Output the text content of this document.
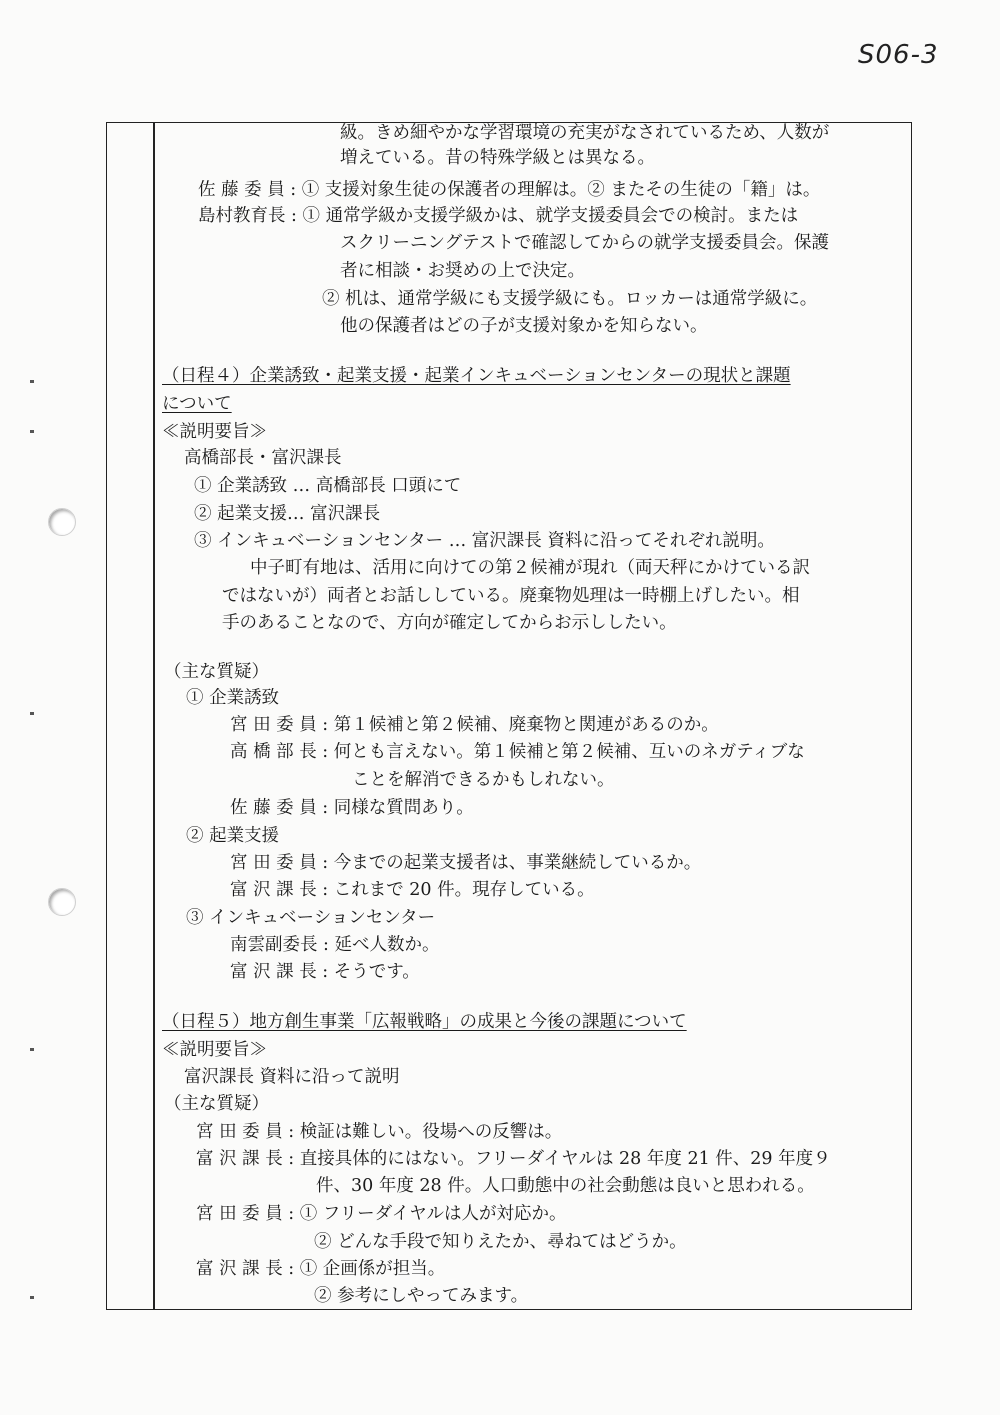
S06-3
級。きめ細やかな学習環境の充実がなされているため、人数が
増えている。昔の特殊学級とは異なる。
佐 藤 委 員 : ① 支援対象生徒の保護者の理解は。② またその生徒の「籍」は。
島村教育長 : ① 通常学級か支援学級かは、就学支援委員会での検討。または
スクリーニングテストで確認してからの就学支援委員会。保護
者に相談・お奨めの上で決定。
② 机は、通常学級にも支援学級にも。ロッカーは通常学級に。
他の保護者はどの子が支援対象かを知らない。
（日程４）企業誘致・起業支援・起業インキュベーションセンターの現状と課題
について
≪説明要旨≫
高橋部長・富沢課長
① 企業誘致 … 高橋部長 口頭にて
② 起業支援… 富沢課長
③ インキュベーションセンター … 富沢課長 資料に沿ってそれぞれ説明。
中子町有地は、活用に向けての第２候補が現れ（両天秤にかけている訳
ではないが）両者とお話ししている。廃棄物処理は一時棚上げしたい。相
手のあることなので、方向が確定してからお示ししたい。
（主な質疑）
① 企業誘致
宮 田 委 員 : 第１候補と第２候補、廃棄物と関連があるのか。
高 橋 部 長 : 何とも言えない。第１候補と第２候補、互いのネガティブな
ことを解消できるかもしれない。
佐 藤 委 員 : 同様な質問あり。
② 起業支援
宮 田 委 員 : 今までの起業支援者は、事業継続しているか。
富 沢 課 長 : これまで 20 件。現存している。
③ インキュベーションセンター
南雲副委長 : 延べ人数か。
富 沢 課 長 : そうです。
（日程５）地方創生事業「広報戦略」の成果と今後の課題について
≪説明要旨≫
富沢課長 資料に沿って説明
（主な質疑）
宮 田 委 員 : 検証は難しい。役場への反響は。
富 沢 課 長 : 直接具体的にはない。フリーダイヤルは 28 年度 21 件、29 年度９
件、30 年度 28 件。人口動態中の社会動態は良いと思われる。
宮 田 委 員 : ① フリーダイヤルは人が対応か。
② どんな手段で知りえたか、尋ねてはどうか。
富 沢 課 長 : ① 企画係が担当。
② 参考にしやってみます。
